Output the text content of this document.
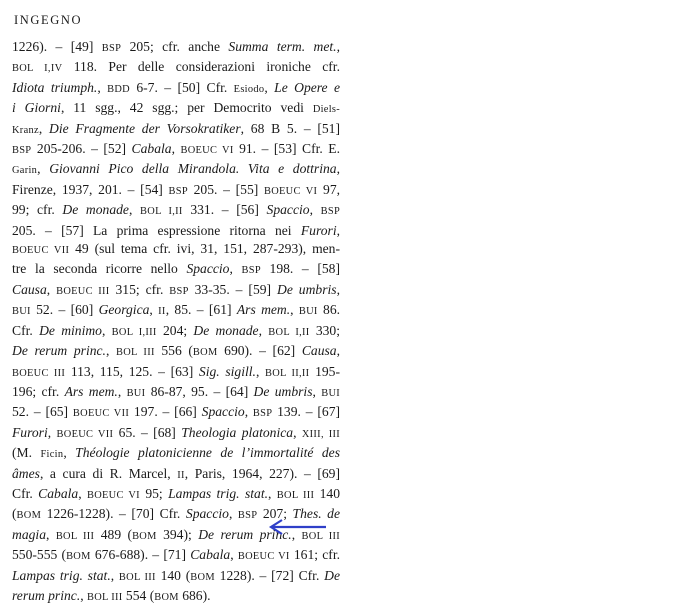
INGEGNO
1226). – [49] BSP 205; cfr. anche Summa term. met.,
BOL I,IV 118. Per delle considerazioni ironiche cfr.
Idiota triumph., BDD 6-7. – [50] Cfr. Esiodo, Le Opere e
i Giorni, 11 sgg., 42 sgg.; per Democrito vedi Diels-
Kranz, Die Fragmente der Vorsokratiker, 68 B 5. – [51]
BSP 205-206. – [52] Cabala, BOEUC VI 91. – [53] Cfr. E.
Garin, Giovanni Pico della Mirandola. Vita e dottrina,
Firenze, 1937, 201. – [54] BSP 205. – [55] BOEUC VI 97,
99; cfr. De monade, BOL I,II 331. – [56] Spaccio, BSP
205. – [57] La prima espressione ritorna nei Furori,
BOEUC VII 49 (sul tema cfr. ivi, 31, 151, 287-293), men-
tre la seconda ricorre nello Spaccio, BSP 198. – [58]
Causa, BOEUC III 315; cfr. BSP 33-35. – [59] De umbris,
BUI 52. – [60] Georgica, II, 85. – [61] Ars mem., BUI 86.
Cfr. De minimo, BOL I,III 204; De monade, BOL I,II 330;
De rerum princ., BOL III 556 (BOM 690). – [62] Causa,
BOEUC III 113, 115, 125. – [63] Sig. sigill., BOL II,II 195-
196; cfr. Ars mem., BUI 86-87, 95. – [64] De umbris, BUI
52. – [65] BOEUC VII 197. – [66] Spaccio, BSP 139. – [67]
Furori, BOEUC VII 65. – [68] Theologia platonica, XIII, III
(M. Ficin, Théologie platonicienne de l’immortalité des
âmes, a cura di R. Marcel, II, Paris, 1964, 227). – [69]
Cfr. Cabala, BOEUC VI 95; Lampas trig. stat., BOL III 140
(BOM 1226-1228). – [70] Cfr. Spaccio, BSP 207; Thes. de
magia, BOL III 489 (BOM 394); De rerum princ., BOL III
550-555 (BOM 676-688). – [71] Cabala, BOEUC VI 161; cfr.
Lampas trig. stat., BOL III 140 (BOM 1228). – [72] Cfr. De
rerum princ., BOL III 554 (BOM 686).
